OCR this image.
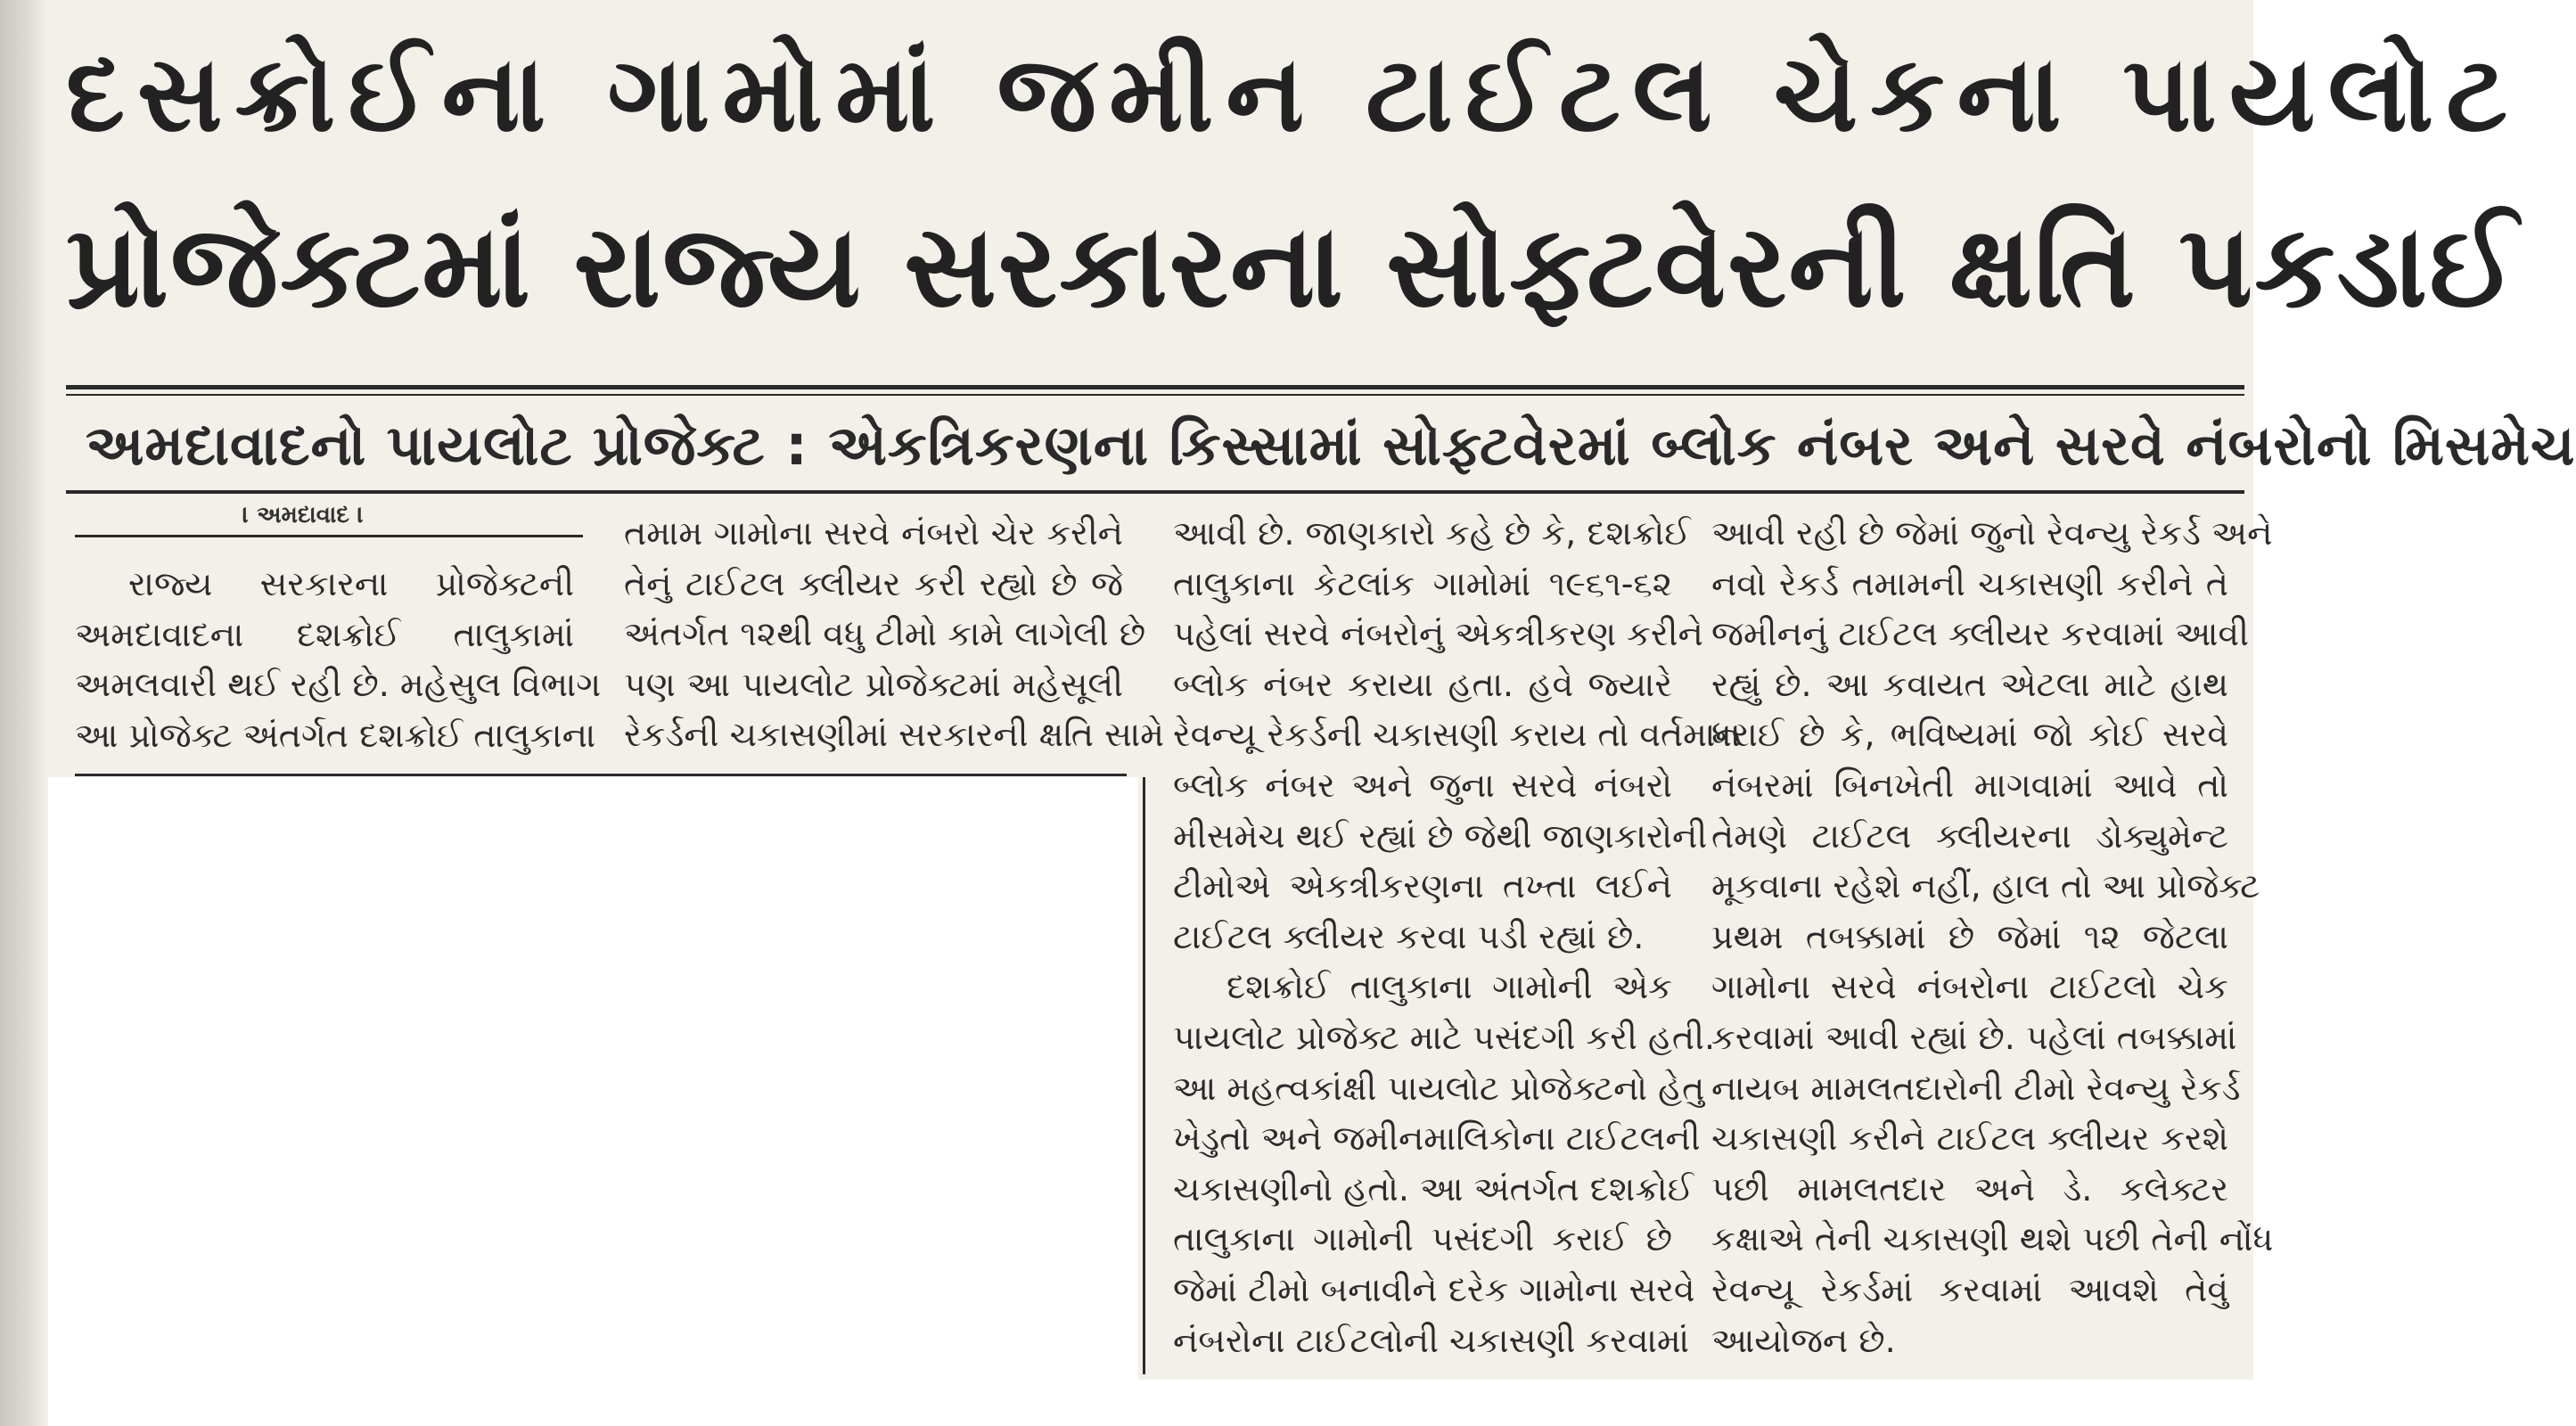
દસક્રોઈના ગામોમાં જમીન ટાઈટલ ચેકના પાયલોટ
પ્રોજેક્ટમાં રાજ્ય સરકારના સોફ્ટવેરની ક્ષતિ પકડાઈ
અમદાવાદનો પાયલોટ પ્રોજેક્ટ : એકત્રિકરણના કિસ્સામાં સોફ્ટવેરમાં બ્લોક નંબર અને સરવે નંબરોનો મિસમેચ
। અમદાવાદ ।
રાજ્ય સરકારના પ્રોજેક્ટની
અમદાવાદના દશક્રોઈ તાલુકામાં
અમલવારી થઈ રહી છે. મહેસુલ વિભાગ
આ પ્રોજેક્ટ અંતર્ગત દશક્રોઈ તાલુકાના
તમામ ગામોના સરવે નંબરો ચેર કરીને
તેનું ટાઈટલ ક્લીયર કરી રહ્યો છે જે
અંતર્ગત ૧૨થી વધુ ટીમો કામે લાગેલી છે
પણ આ પાયલોટ પ્રોજેક્ટમાં મહેસૂલી
રેકર્ડની ચકાસણીમાં સરકારની ક્ષતિ સામે
આવી છે. જાણકારો કહે છે કે, દશક્રોઈ
તાલુકાના કેટલાંક ગામોમાં ૧૯૬૧-૬૨
પહેલાં સરવે નંબરોનું એકત્રીકરણ કરીને
બ્લોક નંબર કરાયા હતા. હવે જ્યારે
રેવન્યૂ રેકર્ડની ચકાસણી કરાય તો વર્તમાન
બ્લોક નંબર અને જુના સરવે નંબરો
મીસમેચ થઈ રહ્યાં છે જેથી જાણકારોની
ટીમોએ એકત્રીકરણના તખ્તા લઈને
ટાઈટલ ક્લીયર કરવા પડી રહ્યાં છે.
દશક્રોઈ તાલુકાના ગામોની એક
પાયલોટ પ્રોજેક્ટ માટે પસંદગી કરી હતી.
આ મહત્વકાંક્ષી પાયલોટ પ્રોજેક્ટનો હેતુ
ખેડુતો અને જમીનમાલિકોના ટાઈટલની
ચકાસણીનો હતો. આ અંતર્ગત દશક્રોઈ
તાલુકાના ગામોની પસંદગી કરાઈ છે
જેમાં ટીમો બનાવીને દરેક ગામોના સરવે
નંબરોના ટાઈટલોની ચકાસણી કરવામાં
આવી રહી છે જેમાં જુનો રેવન્યુ રેકર્ડ અને
નવો રેકર્ડ તમામની ચકાસણી કરીને તે
જમીનનું ટાઈટલ ક્લીયર કરવામાં આવી
રહ્યું છે. આ કવાયત એટલા માટે હાથ
ધરાઈ છે કે, ભવિષ્યમાં જો કોઈ સરવે
નંબરમાં બિનખેતી માગવામાં આવે તો
તેમણે ટાઈટલ ક્લીયરના ડોક્યુમેન્ટ
મૂકવાના રહેશે નહીં, હાલ તો આ પ્રોજેક્ટ
પ્રથમ તબક્કામાં છે જેમાં ૧૨ જેટલા
ગામોના સરવે નંબરોના ટાઈટલો ચેક
કરવામાં આવી રહ્યાં છે. પહેલાં તબક્કામાં
નાયબ મામલતદારોની ટીમો રેવન્યુ રેકર્ડ
ચકાસણી કરીને ટાઈટલ ક્લીયર કરશે
પછી મામલતદાર અને ડે. કલેક્ટર
કક્ષાએ તેની ચકાસણી થશે પછી તેની નોંધ
રેવન્યૂ રેકર્ડમાં કરવામાં આવશે તેવું
આયોજન છે.
